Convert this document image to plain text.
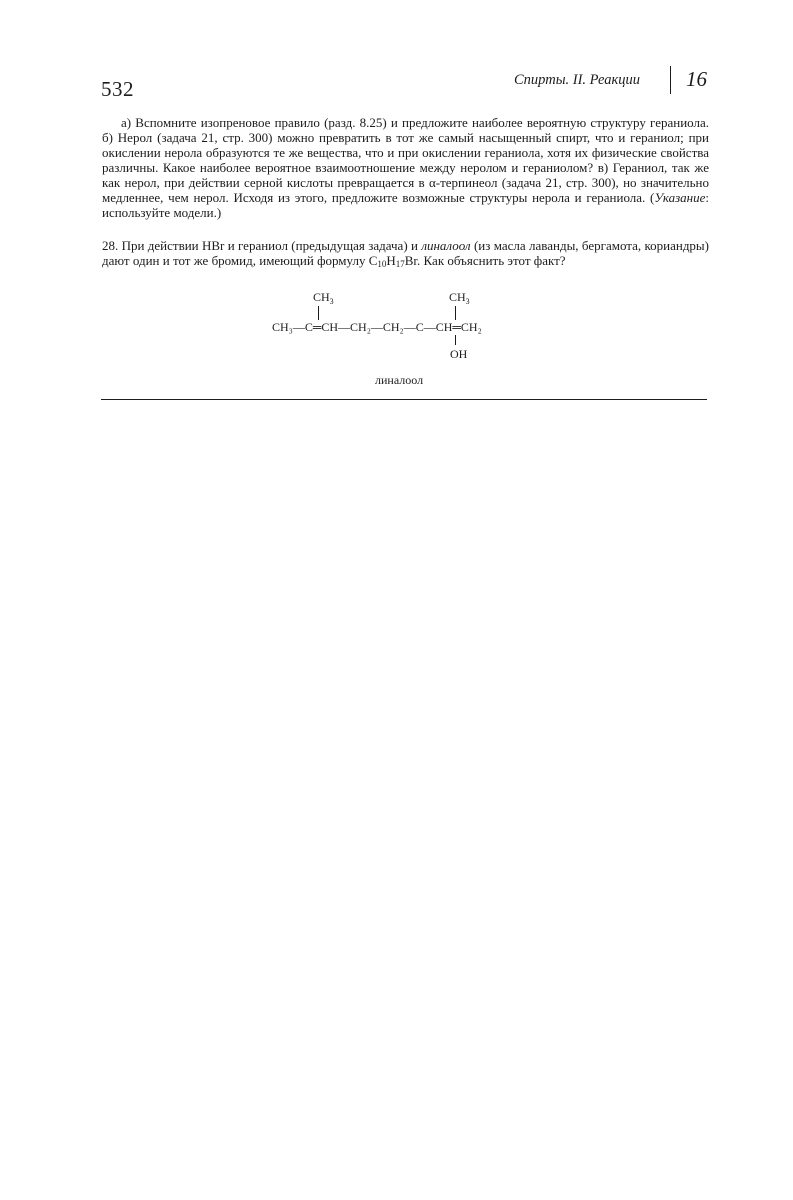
532	Спирты. II. Реакции 16

а) Вспомните изопреновое правило (разд. 8.25) и предложите наиболее вероятную структуру гераниола. б) Нерол (задача 21, стр. 300) можно превратить в тот же самый насыщенный спирт, что и гераниол; при окислении нерола образуются те же вещества, что и при окислении гераниола, хотя их физические свойства различны. Какое наиболее вероятное взаимоотношение между неролом и гераниолом? в) Гераниол, так же как нерол, при действии серной кислоты превращается в α-терпинеол (задача 21, стр. 300), но значительно медленнее, чем нерол. Исходя из этого, предложите возможные структуры нерола и гераниола. (Указание: используйте модели.)

28. При действии HBr и гераниол (предыдущая задача) и линалоол (из масла лаванды, бергамота, кориандры) дают один и тот же бромид, имеющий формулу $C_{10}H_{17}Br$. Как объяснить этот факт?

$CH_3$	$CH_3$
CH₃—C═CH—CH₂—CH₂—C—CH═CH₂
OH
линалоол
